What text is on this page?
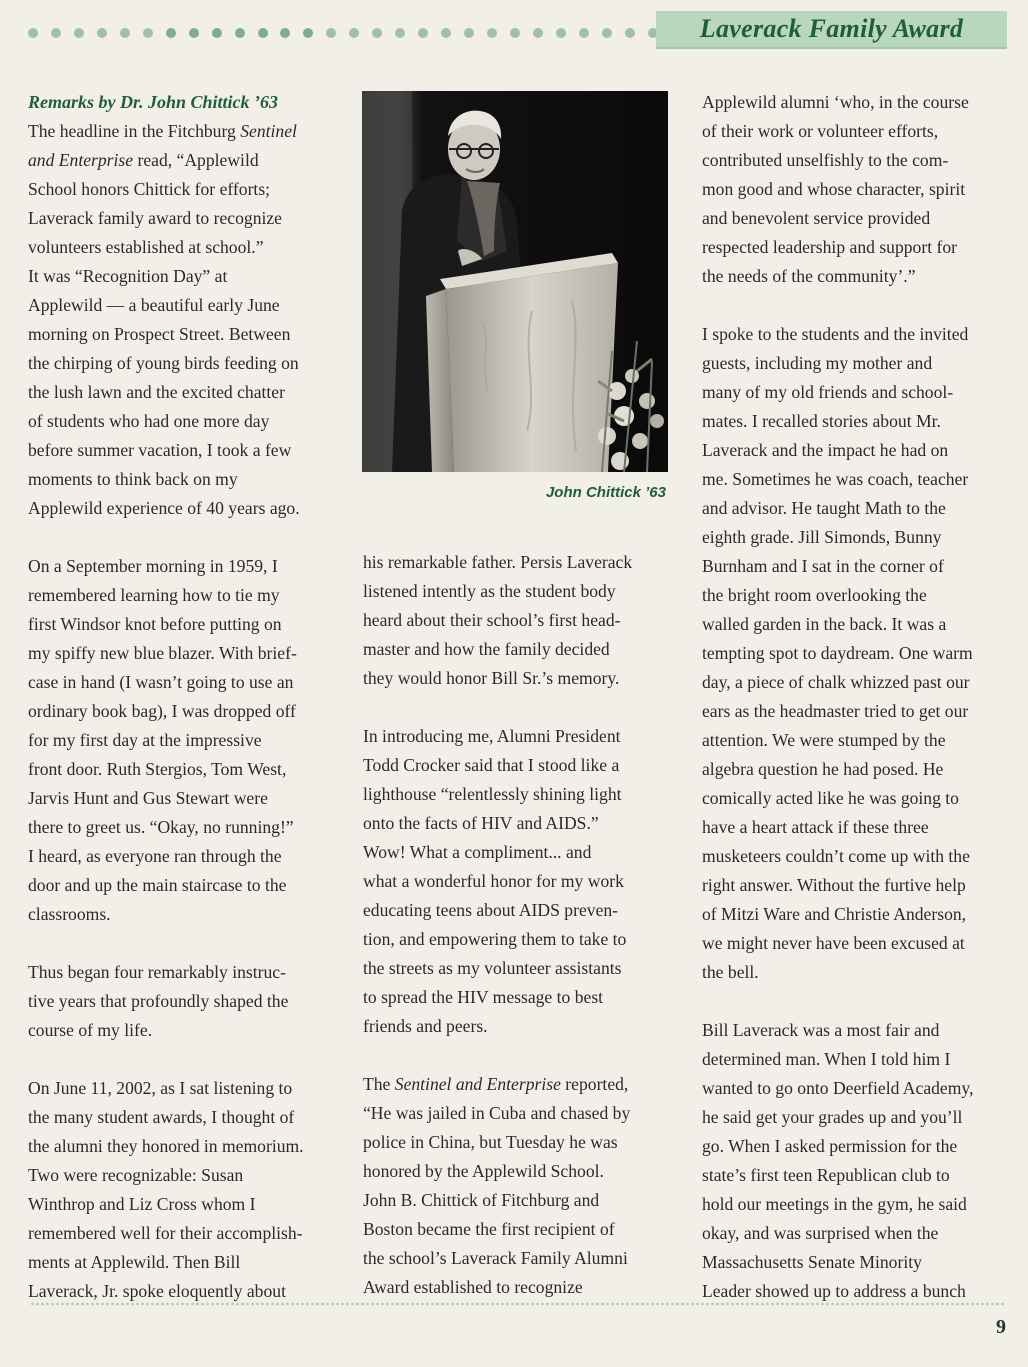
Laverack Family Award

Remarks by Dr. John Chittick ’63

The headline in the Fitchburg Sentinel
and Enterprise read, “Applewild
School honors Chittick for efforts;
Laverack family award to recognize
volunteers established at school.”
It was “Recognition Day” at
Applewild — a beautiful early June
morning on Prospect Street. Between
the chirping of young birds feeding on
the lush lawn and the excited chatter
of students who had one more day
before summer vacation, I took a few
moments to think back on my
Applewild experience of 40 years ago.

On a September morning in 1959, I
remembered learning how to tie my
first Windsor knot before putting on
my spiffy new blue blazer. With brief-
case in hand (I wasn’t going to use an
ordinary book bag), I was dropped off
for my first day at the impressive
front door. Ruth Stergios, Tom West,
Jarvis Hunt and Gus Stewart were
there to greet us. “Okay, no running!”
I heard, as everyone ran through the
door and up the main staircase to the
classrooms.

Thus began four remarkably instruc-
tive years that profoundly shaped the
course of my life.

On June 11, 2002, as I sat listening to
the many student awards, I thought of
the alumni they honored in memorium.
Two were recognizable: Susan
Winthrop and Liz Cross whom I
remembered well for their accomplish-
ments at Applewild. Then Bill
Laverack, Jr. spoke eloquently about

John Chittick ’63

his remarkable father. Persis Laverack
listened intently as the student body
heard about their school’s first head-
master and how the family decided
they would honor Bill Sr.’s memory.

In introducing me, Alumni President
Todd Crocker said that I stood like a
lighthouse “relentlessly shining light
onto the facts of HIV and AIDS.”
Wow! What a compliment... and
what a wonderful honor for my work
educating teens about AIDS preven-
tion, and empowering them to take to
the streets as my volunteer assistants
to spread the HIV message to best
friends and peers.

The Sentinel and Enterprise reported,
“He was jailed in Cuba and chased by
police in China, but Tuesday he was
honored by the Applewild School.
John B. Chittick of Fitchburg and
Boston became the first recipient of
the school’s Laverack Family Alumni
Award established to recognize

Applewild alumni ‘who, in the course
of their work or volunteer efforts,
contributed unselfishly to the com-
mon good and whose character, spirit
and benevolent service provided
respected leadership and support for
the needs of the community’.”

I spoke to the students and the invited
guests, including my mother and
many of my old friends and school-
mates. I recalled stories about Mr.
Laverack and the impact he had on
me. Sometimes he was coach, teacher
and advisor. He taught Math to the
eighth grade. Jill Simonds, Bunny
Burnham and I sat in the corner of
the bright room overlooking the
walled garden in the back. It was a
tempting spot to daydream. One warm
day, a piece of chalk whizzed past our
ears as the headmaster tried to get our
attention. We were stumped by the
algebra question he had posed. He
comically acted like he was going to
have a heart attack if these three
musketeers couldn’t come up with the
right answer. Without the furtive help
of Mitzi Ware and Christie Anderson,
we might never have been excused at
the bell.

Bill Laverack was a most fair and
determined man. When I told him I
wanted to go onto Deerfield Academy,
he said get your grades up and you’ll
go. When I asked permission for the
state’s first teen Republican club to
hold our meetings in the gym, he said
okay, and was surprised when the
Massachusetts Senate Minority
Leader showed up to address a bunch

9
